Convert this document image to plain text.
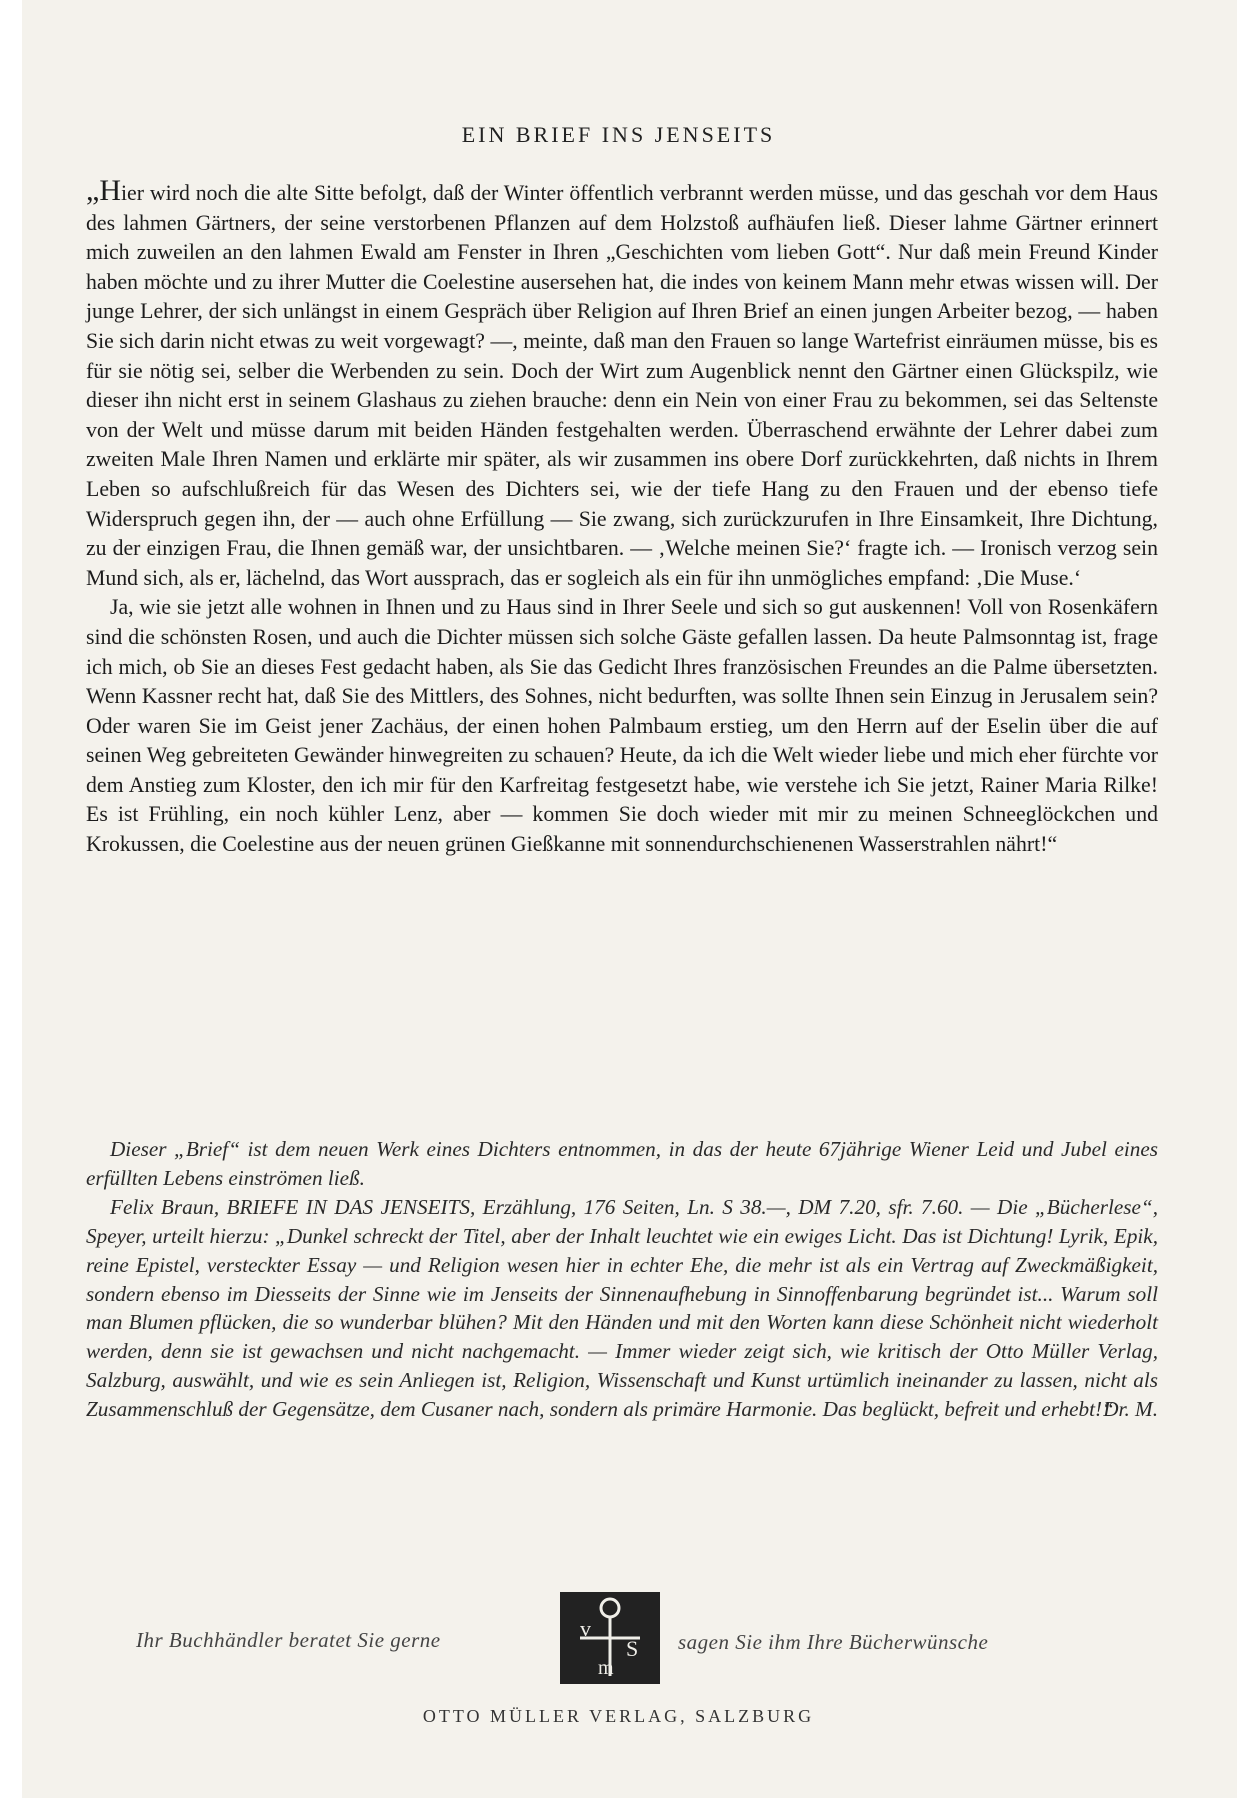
EIN BRIEF INS JENSEITS

„Hier wird noch die alte Sitte befolgt, daß der Winter öffentlich verbrannt werden müsse, und das geschah vor dem Haus des lahmen Gärtners, der seine verstorbenen Pflanzen auf dem Holzstoß aufhäufen ließ. Dieser lahme Gärtner erinnert mich zuweilen an den lahmen Ewald am Fenster in Ihren „Geschichten vom lieben Gott“. Nur daß mein Freund Kinder haben möchte und zu ihrer Mutter die Coelestine ausersehen hat, die indes von keinem Mann mehr etwas wissen will. Der junge Lehrer, der sich unlängst in einem Gespräch über Religion auf Ihren Brief an einen jungen Arbeiter bezog, — haben Sie sich darin nicht etwas zu weit vorgewagt? —, meinte, daß man den Frauen so lange Wartefrist einräumen müsse, bis es für sie nötig sei, selber die Werbenden zu sein. Doch der Wirt zum Augenblick nennt den Gärtner einen Glückspilz, wie dieser ihn nicht erst in seinem Glashaus zu ziehen brauche: denn ein Nein von einer Frau zu bekommen, sei das Seltenste von der Welt und müsse darum mit beiden Händen festgehalten werden. Überraschend erwähnte der Lehrer dabei zum zweiten Male Ihren Namen und erklärte mir später, als wir zusammen ins obere Dorf zurückkehrten, daß nichts in Ihrem Leben so aufschlußreich für das Wesen des Dichters sei, wie der tiefe Hang zu den Frauen und der ebenso tiefe Widerspruch gegen ihn, der — auch ohne Erfüllung — Sie zwang, sich zurückzurufen in Ihre Einsamkeit, Ihre Dichtung, zu der einzigen Frau, die Ihnen gemäß war, der unsichtbaren. — ‚Welche meinen Sie?‘ fragte ich. — Ironisch verzog sein Mund sich, als er, lächelnd, das Wort aussprach, das er sogleich als ein für ihn unmögliches empfand: ‚Die Muse.‘

Ja, wie sie jetzt alle wohnen in Ihnen und zu Haus sind in Ihrer Seele und sich so gut auskennen! Voll von Rosenkäfern sind die schönsten Rosen, und auch die Dichter müssen sich solche Gäste gefallen lassen. Da heute Palmsonntag ist, frage ich mich, ob Sie an dieses Fest gedacht haben, als Sie das Gedicht Ihres französischen Freundes an die Palme übersetzten. Wenn Kassner recht hat, daß Sie des Mittlers, des Sohnes, nicht bedurften, was sollte Ihnen sein Einzug in Jerusalem sein? Oder waren Sie im Geist jener Zachäus, der einen hohen Palmbaum erstieg, um den Herrn auf der Eselin über die auf seinen Weg gebreiteten Gewänder hinwegreiten zu schauen? Heute, da ich die Welt wieder liebe und mich eher fürchte vor dem Anstieg zum Kloster, den ich mir für den Karfreitag festgesetzt habe, wie verstehe ich Sie jetzt, Rainer Maria Rilke! Es ist Frühling, ein noch kühler Lenz, aber — kommen Sie doch wieder mit mir zu meinen Schneeglöckchen und Krokussen, die Coelestine aus der neuen grünen Gießkanne mit sonnendurchschienenen Wasserstrahlen nährt!“

Dieser „Brief“ ist dem neuen Werk eines Dichters entnommen, in das der heute 67jährige Wiener Leid und Jubel eines erfüllten Lebens einströmen ließ.

Felix Braun, BRIEFE IN DAS JENSEITS, Erzählung, 176 Seiten, Ln. S 38.—, DM 7.20, sfr. 7.60. — Die „Bücherlese“, Speyer, urteilt hierzu: „Dunkel schreckt der Titel, aber der Inhalt leuchtet wie ein ewiges Licht. Das ist Dichtung! Lyrik, Epik, reine Epistel, versteckter Essay — und Religion wesen hier in echter Ehe, die mehr ist als ein Vertrag auf Zweckmäßigkeit, sondern ebenso im Diesseits der Sinne wie im Jenseits der Sinnenaufhebung in Sinnoffenbarung begründet ist... Warum soll man Blumen pflücken, die so wunderbar blühen? Mit den Händen und mit den Worten kann diese Schönheit nicht wiederholt werden, denn sie ist gewachsen und nicht nachgemacht. — Immer wieder zeigt sich, wie kritisch der Otto Müller Verlag, Salzburg, auswählt, und wie es sein Anliegen ist, Religion, Wissenschaft und Kunst urtümlich ineinander zu lassen, nicht als Zusammenschluß der Gegensätze, dem Cusaner nach, sondern als primäre Harmonie. Das beglückt, befreit und erhebt!“

Dr. M.
Ihr Buchhändler beratet Sie gerne	v
S
m
sagen Sie ihm Ihre Bücherwünsche
OTTO MÜLLER VERLAG, SALZBURG
